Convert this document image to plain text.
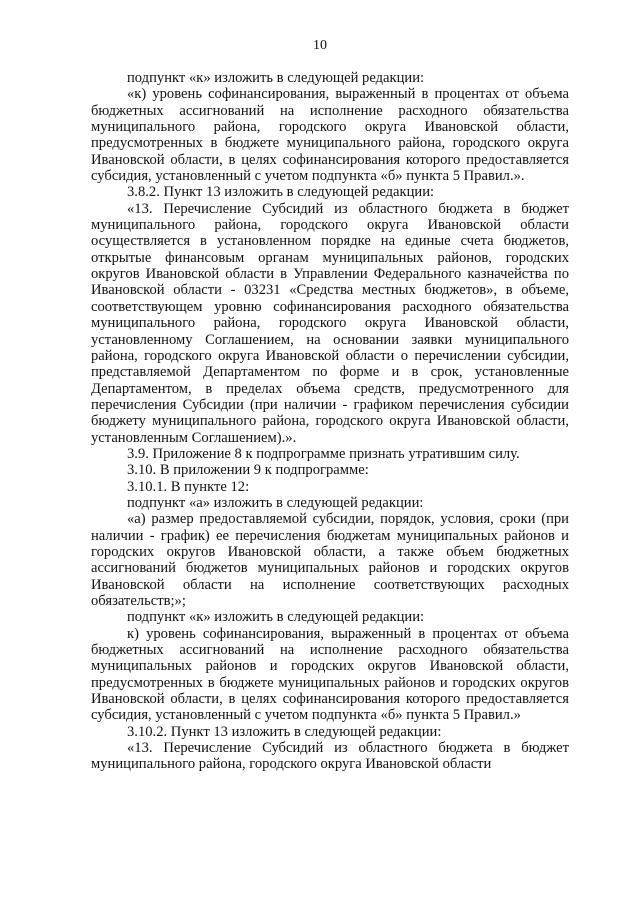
10

подпункт «к» изложить в следующей редакции:

«к) уровень софинансирования, выраженный в процентах от объема бюджетных ассигнований на исполнение расходного обязательства муниципального района, городского округа Ивановской области, предусмотренных в бюджете муниципального района, городского округа Ивановской области, в целях софинансирования которого предоставляется субсидия, установленный с учетом подпункта «б» пункта 5 Правил.».

3.8.2. Пункт 13 изложить в следующей редакции:

«13. Перечисление Субсидий из областного бюджета в бюджет муниципального района, городского округа Ивановской области осуществляется в установленном порядке на единые счета бюджетов, открытые финансовым органам муниципальных районов, городских округов Ивановской области в Управлении Федерального казначейства по Ивановской области - 03231 «Средства местных бюджетов», в объеме, соответствующем уровню софинансирования расходного обязательства муниципального района, городского округа Ивановской области, установленному Соглашением, на основании заявки муниципального района, городского округа Ивановской области о перечислении субсидии, представляемой Департаментом по форме и в срок, установленные Департаментом, в пределах объема средств, предусмотренного для перечисления Субсидии (при наличии - графиком перечисления субсидии бюджету муниципального района, городского округа Ивановской области, установленным Соглашением).».

3.9. Приложение 8 к подпрограмме признать утратившим силу.

3.10. В приложении 9 к подпрограмме:

3.10.1. В пункте 12:

подпункт «а» изложить в следующей редакции:

«а) размер предоставляемой субсидии, порядок, условия, сроки (при наличии - график) ее перечисления бюджетам муниципальных районов и городских округов Ивановской области, а также объем бюджетных ассигнований бюджетов муниципальных районов и городских округов Ивановской области на исполнение соответствующих расходных обязательств;»;

подпункт «к» изложить в следующей редакции:

к) уровень софинансирования, выраженный в процентах от объема бюджетных ассигнований на исполнение расходного обязательства муниципальных районов и городских округов Ивановской области, предусмотренных в бюджете муниципальных районов и городских округов Ивановской области, в целях софинансирования которого предоставляется субсидия, установленный с учетом подпункта «б» пункта 5 Правил.»

3.10.2. Пункт 13 изложить в следующей редакции:

«13. Перечисление Субсидий из областного бюджета в бюджет муниципального района, городского округа Ивановской области
